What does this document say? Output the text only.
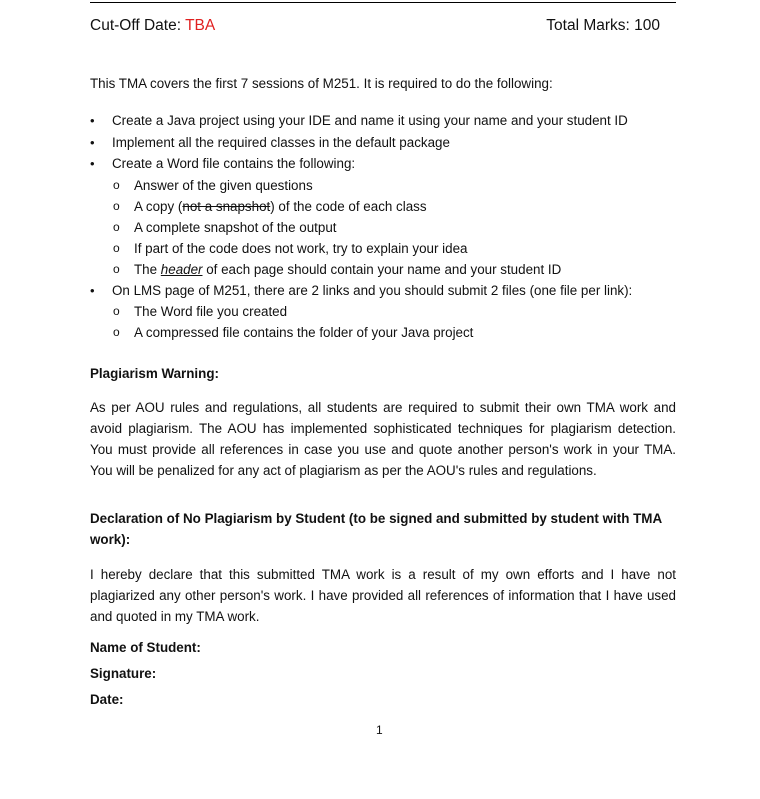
Cut-Off Date: TBA	Total Marks: 100
This TMA covers the first 7 sessions of M251. It is required to do the following:
• Create a Java project using your IDE and name it using your name and your student ID
• Implement all the required classes in the default package
• Create a Word file contains the following:
o Answer of the given questions
o A copy (not a snapshot) of the code of each class
o A complete snapshot of the output
o If part of the code does not work, try to explain your idea
o The header of each page should contain your name and your student ID
• On LMS page of M251, there are 2 links and you should submit 2 files (one file per link):
o The Word file you created
o A compressed file contains the folder of your Java project
Plagiarism Warning:
As per AOU rules and regulations, all students are required to submit their own TMA work and avoid plagiarism. The AOU has implemented sophisticated techniques for plagiarism detection. You must provide all references in case you use and quote another person's work in your TMA. You will be penalized for any act of plagiarism as per the AOU's rules and regulations.
Declaration of No Plagiarism by Student (to be signed and submitted by student with TMA work):
I hereby declare that this submitted TMA work is a result of my own efforts and I have not plagiarized any other person's work. I have provided all references of information that I have used and quoted in my TMA work.
Name of Student:
Signature:
Date:
1
